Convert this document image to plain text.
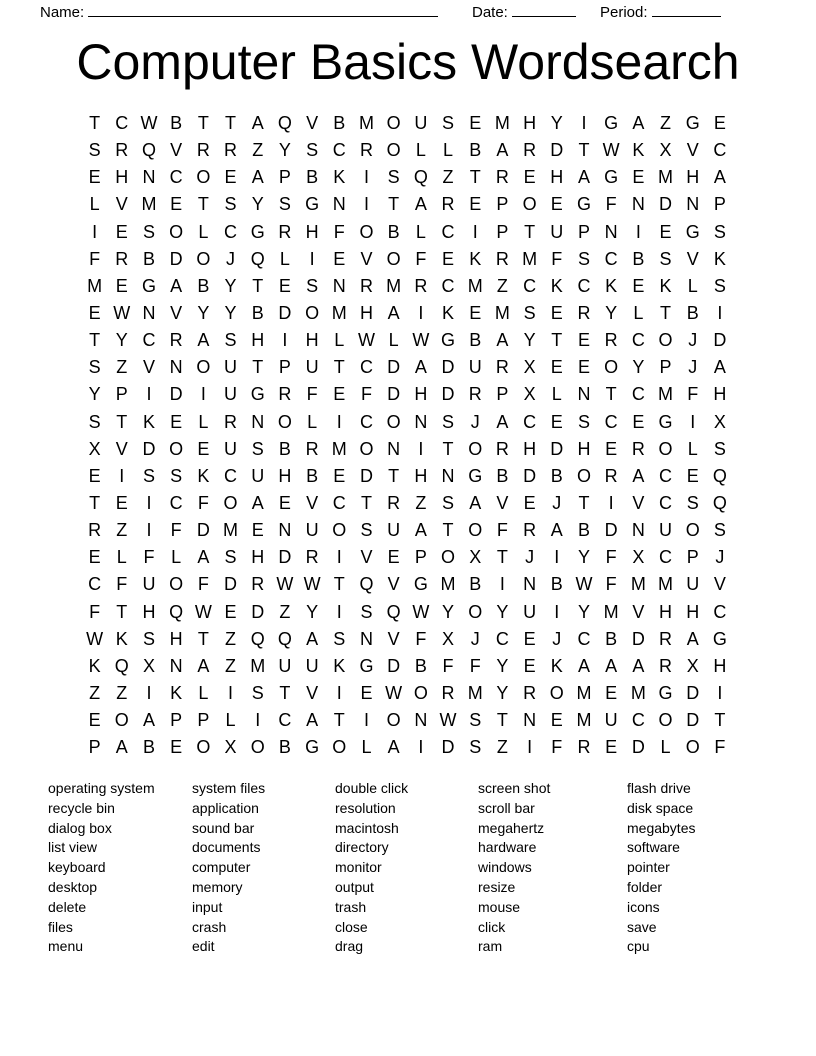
Name:	Date:	Period:
Computer Basics Wordsearch
T C W B T T A Q V B M O U S E M H Y	I G A Z G E
S R Q V R R Z Y S C R O L L B A R D T W K X V C
E H N C O E A P B K	I	S Q Z T R E H A G E M H A
L V M E T S Y S G N	I	T A R E P O E G F N D N P
I	E S O L C G R H F O B L C	I	P T U P N	I	E G S
F R B D O J Q L	I	E V O F E K R M F S C B S V K
M E G A B Y T E S N R M R C M Z C K C K E K L S
E W N V Y Y B D O M H A	I	K E M S E R Y L T B	I
T Y C R A S H	I	H L W L W G B A Y T E R C O J D
S Z V N O U T P U T C D A D U R X E E O Y P J A
Y P	I	D	I	U G R F E F D H D R P X L N T C M F H
S T K E L R N O L	I	C O N S J A C E S C E G I	X
X V D O E U S B R M O N	I	T O R H D H E R O L S
E	I	S S K C U H B E D T H N G B D B O R A C E Q
T E	I	C F O A E V C T R Z S A V E J T	I	V C S Q
R Z	I	F D M E N U O S U A T O F R A B D N U O S
E L F L A S H D R	I	V E P O X T J	I	Y F X C P J
C F U O F D R W W T Q V G M B	I	N B W F M M U V
F T H Q W E D Z Y	I	S Q W Y O Y U	I	Y M V H H C
W K S H T Z Q Q A S N V F X J C E J C B D R A G
K Q X N A Z M U U K G D B F F Y E K A A A R X H
Z Z	I	K L	I	S T V	I	E W O R M Y R O M E M G D	I
E O A P P L	I	C A T	I O N W S T N E M U C O D T
P A B E O X O B G O L A	I	D S Z	I	F R E D L O F
operating system
recycle bin
dialog box
list view
keyboard
desktop
delete
files
menu
system files
application
sound bar
documents
computer
memory
input
crash
edit
double click
resolution
macintosh
directory
monitor
output
trash
close
drag
screen shot
scroll bar
megahertz
hardware
windows
resize
mouse
click
ram
flash drive
disk space
megabytes
software
pointer
folder
icons
save
cpu
